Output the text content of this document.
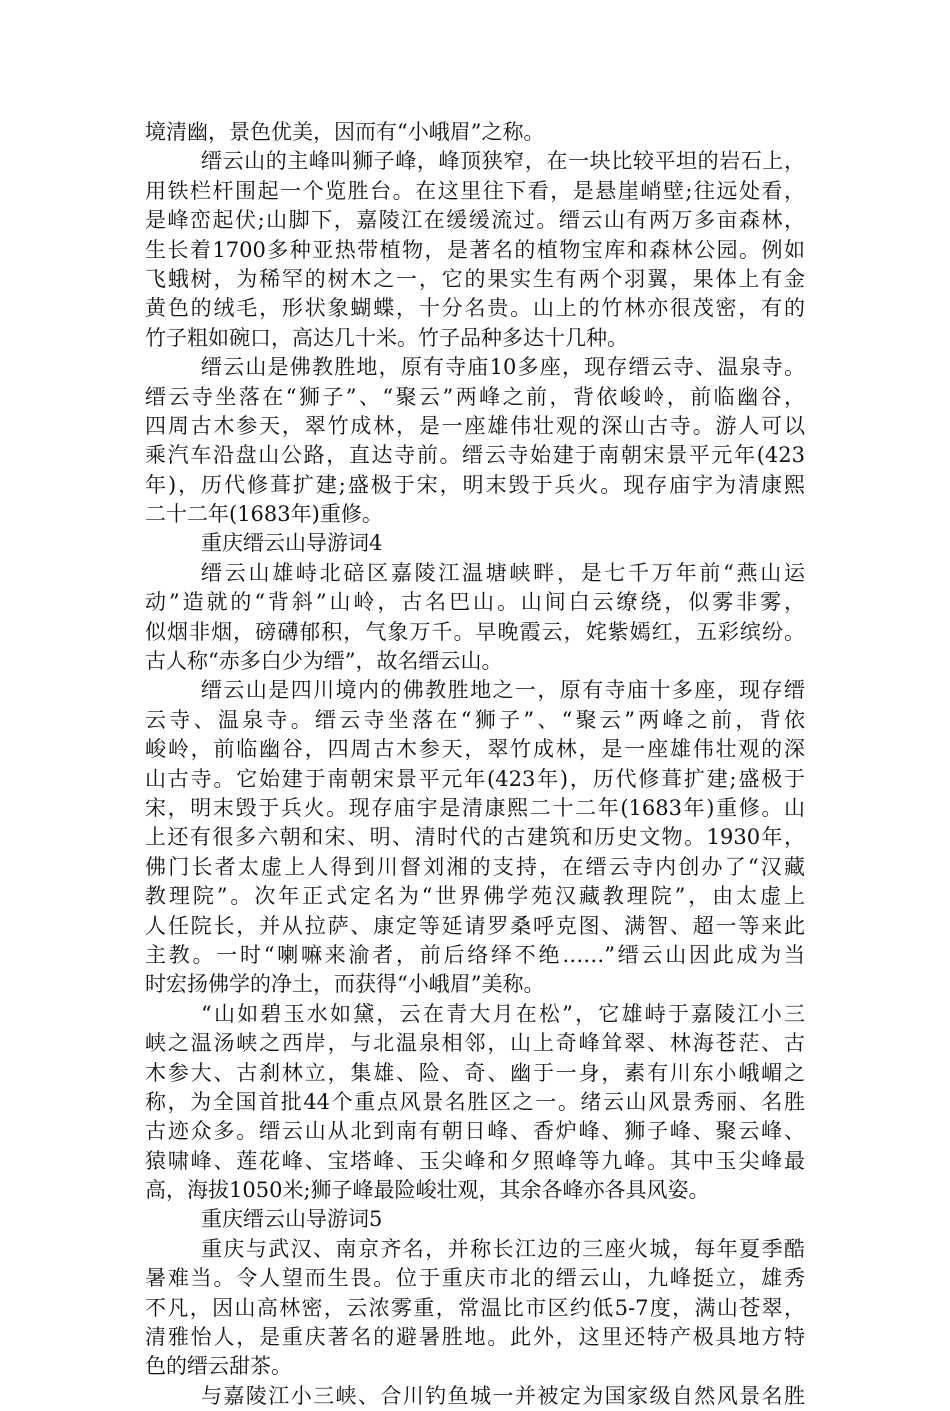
境清幽，景色优美，因而有“小峨眉”之称。
缙云山的主峰叫狮子峰，峰顶狭窄，在一块比较平坦的岩石上，
用铁栏杆围起一个览胜台。在这里往下看，是悬崖峭壁;往远处看，
是峰峦起伏;山脚下，嘉陵江在缓缓流过。缙云山有两万多亩森林，
生长着1700多种亚热带植物，是著名的植物宝库和森林公园。例如
飞蛾树，为稀罕的树木之一，它的果实生有两个羽翼，果体上有金
黄色的绒毛，形状象蝴蝶，十分名贵。山上的竹林亦很茂密，有的
竹子粗如碗口，高达几十米。竹子品种多达十几种。
缙云山是佛教胜地，原有寺庙10多座，现存缙云寺、温泉寺。
缙云寺坐落在“狮子”、“聚云”两峰之前，背依峻岭，前临幽谷，
四周古木参天，翠竹成林，是一座雄伟壮观的深山古寺。游人可以
乘汽车沿盘山公路，直达寺前。缙云寺始建于南朝宋景平元年(423
年)，历代修葺扩建;盛极于宋，明末毁于兵火。现存庙宇为清康熙
二十二年(1683年)重修。
重庆缙云山导游词4
缙云山雄峙北碚区嘉陵江温塘峡畔，是七千万年前“燕山运
动”造就的“背斜”山岭，古名巴山。山间白云缭绕，似雾非雾，
似烟非烟，磅礴郁积，气象万千。早晚霞云，姹紫嫣红，五彩缤纷。
古人称“赤多白少为缙”，故名缙云山。
缙云山是四川境内的佛教胜地之一，原有寺庙十多座，现存缙
云寺、温泉寺。缙云寺坐落在“狮子”、“聚云”两峰之前，背依
峻岭，前临幽谷，四周古木参天，翠竹成林，是一座雄伟壮观的深
山古寺。它始建于南朝宋景平元年(423年)，历代修葺扩建;盛极于
宋，明末毁于兵火。现存庙宇是清康熙二十二年(1683年)重修。山
上还有很多六朝和宋、明、清时代的古建筑和历史文物。1930年，
佛门长者太虚上人得到川督刘湘的支持，在缙云寺内创办了“汉藏
教理院”。次年正式定名为“世界佛学苑汉藏教理院”，由太虚上
人任院长，并从拉萨、康定等延请罗桑呼克图、满智、超一等来此
主教。一时“喇嘛来渝者，前后络绎不绝……”缙云山因此成为当
时宏扬佛学的净土，而获得“小峨眉”美称。
“山如碧玉水如黛，云在青大月在松”，它雄峙于嘉陵江小三
峡之温汤峡之西岸，与北温泉相邻，山上奇峰耸翠、林海苍茫、古
木参大、古刹林立，集雄、险、奇、幽于一身，素有川东小峨嵋之
称，为全国首批44个重点风景名胜区之一。绪云山风景秀丽、名胜
古迹众多。缙云山从北到南有朝日峰、香炉峰、狮子峰、聚云峰、
猿啸峰、莲花峰、宝塔峰、玉尖峰和夕照峰等九峰。其中玉尖峰最
高，海拔1050米;狮子峰最险峻壮观，其余各峰亦各具风姿。
重庆缙云山导游词5
重庆与武汉、南京齐名，并称长江边的三座火城，每年夏季酷
暑难当。令人望而生畏。位于重庆市北的缙云山，九峰挺立，雄秀
不凡，因山高林密，云浓雾重，常温比市区约低5-7度，满山苍翠，
清雅怡人，是重庆著名的避暑胜地。此外，这里还特产极具地方特
色的缙云甜茶。
与嘉陵江小三峡、合川钓鱼城一并被定为国家级自然风景名胜
